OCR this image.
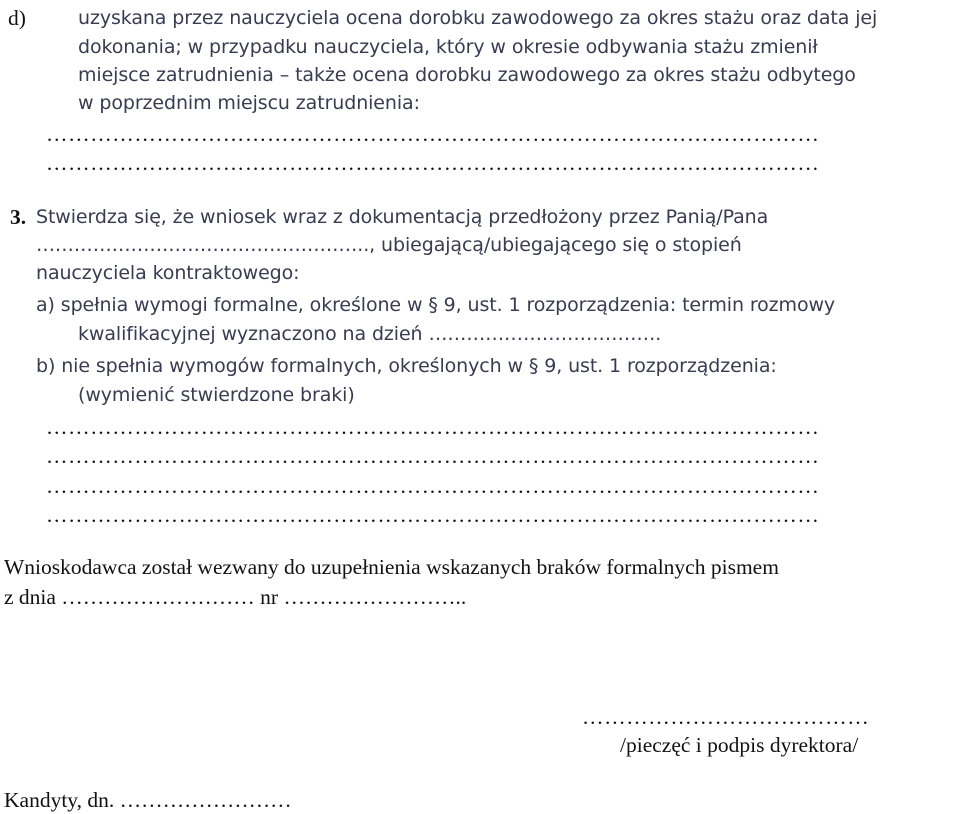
d)	uzyskana przez nauczyciela ocena dorobku zawodowego za okres stażu oraz data jej
dokonania; w przypadku nauczyciela, który w okresie odbywania stażu zmienił
miejsce zatrudnienia – także ocena dorobku zawodowego za okres stażu odbytego
w poprzednim miejscu zatrudnienia:
……………………………………………………………………………………………
……………………………………………………………………………………………
3. Stwierdza się, że wniosek wraz z dokumentacją przedłożony przez Panią/Pana
…………………………………………….., ubiegającą/ubiegającego się o stopień
nauczyciela kontraktowego:
a) spełnia wymogi formalne, określone w § 9, ust. 1 rozporządzenia: termin rozmowy
kwalifikacyjnej wyznaczono na dzień ……………………………….
b) nie spełnia wymogów formalnych, określonych w § 9, ust. 1 rozporządzenia:
(wymienić stwierdzone braki)
……………………………………………………………………………………………
……………………………………………………………………………………………
……………………………………………………………………………………………
……………………………………………………………………………………………
Wnioskodawca został wezwany do uzupełnienia wskazanych braków formalnych pismem
z dnia ……………………… nr ……………………..
…………………………………
/pieczęć i podpis dyrektora/
Kandyty, dn. ……………………
